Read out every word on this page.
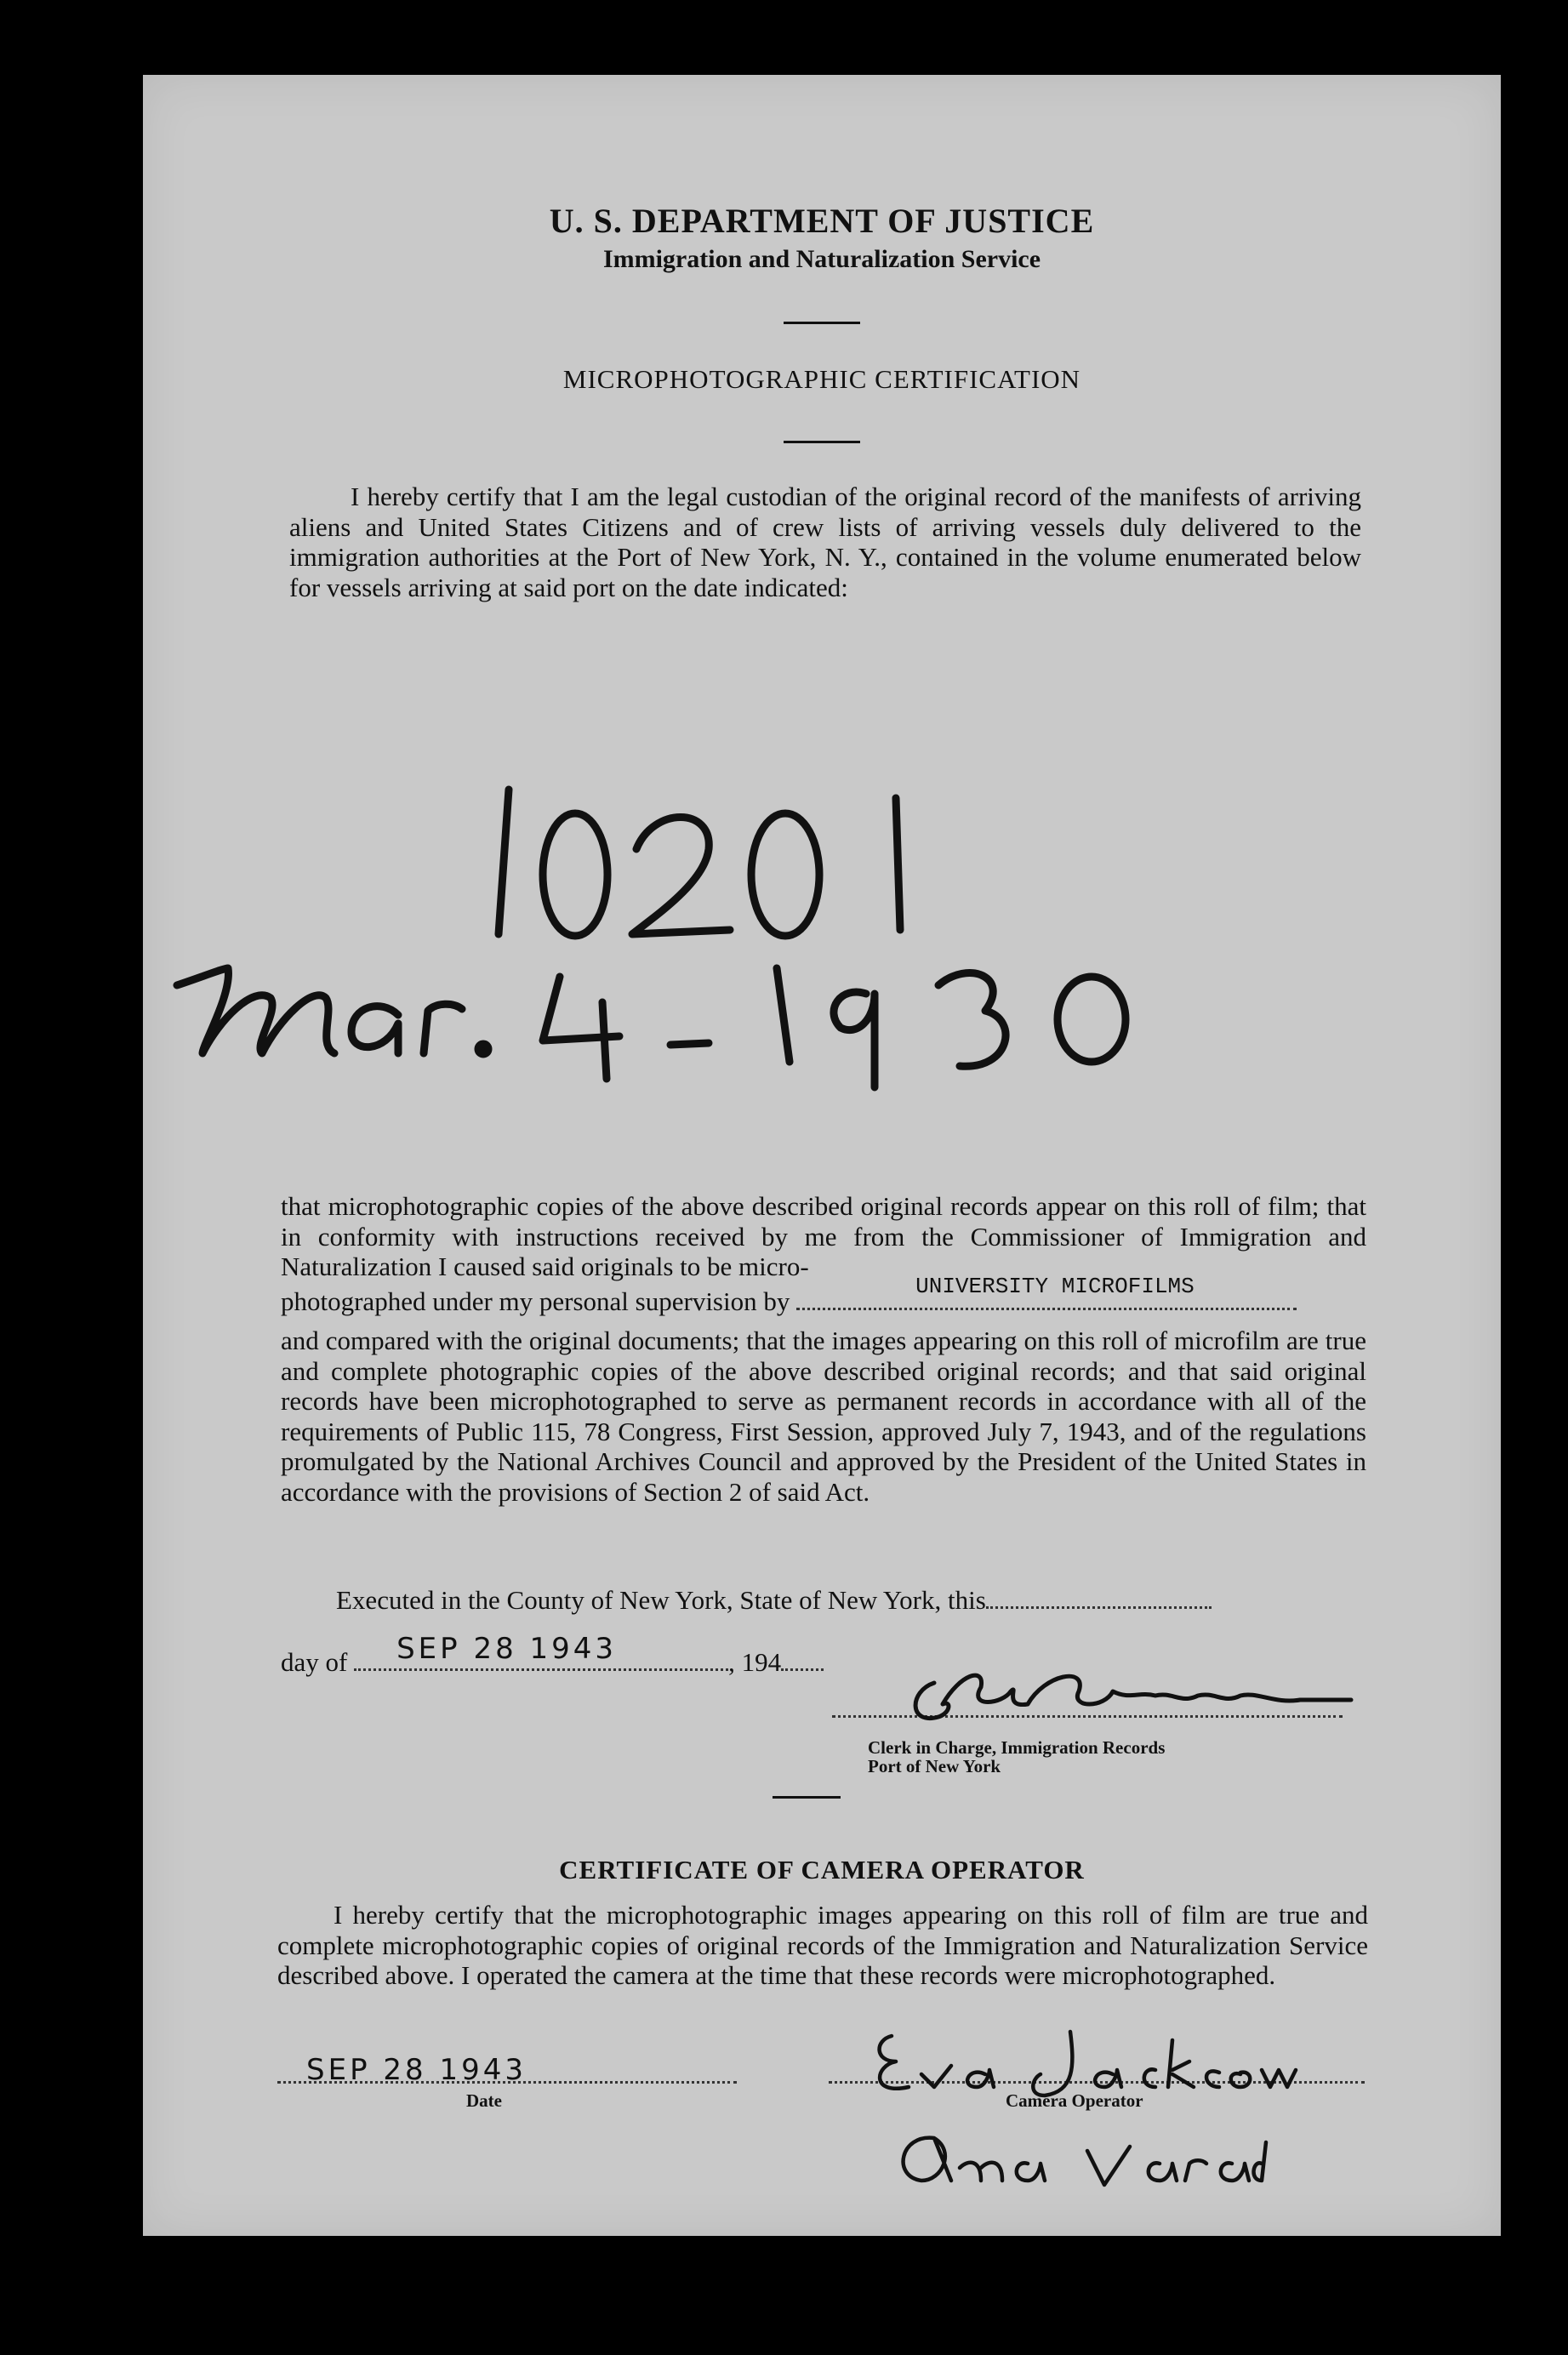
U. S. DEPARTMENT OF JUSTICE
Immigration and Naturalization Service
MICROPHOTOGRAPHIC CERTIFICATION
I hereby certify that I am the legal custodian of the original record of the manifests of arriving aliens and United States Citizens and of crew lists of arriving vessels duly delivered to the immigration authorities at the Port of New York, N. Y., contained in the volume enumerated below for vessels arriving at said port on the date indicated:
that microphotographic copies of the above described original records appear on this roll of film; that in conformity with instructions received by me from the Commissioner of Immigration and Naturalization I caused said originals to be micro-
photographed under my personal supervision by	UNIVERSITY MICROFILMS
and compared with the original documents; that the images appearing on this roll of microfilm are true and complete photographic copies of the above described original records; and that said original records have been microphotographed to serve as permanent records in accordance with all of the requirements of Public 115, 78 Congress, First Session, approved July 7, 1943, and of the regulations promulgated by the National Archives Council and approved by the President of the United States in accordance with the provisions of Section 2 of said Act.
Executed in the County of New York, State of New York, this
day of SEP 28 1943	, 194
Clerk in Charge, Immigration Records
Port of New York
CERTIFICATE OF CAMERA OPERATOR
I hereby certify that the microphotographic images appearing on this roll of film are true and complete microphotographic copies of original records of the Immigration and Naturalization Service described above. I operated the camera at the time that these records were microphotographed.
SEP 28 1943
Date	Camera Operator
